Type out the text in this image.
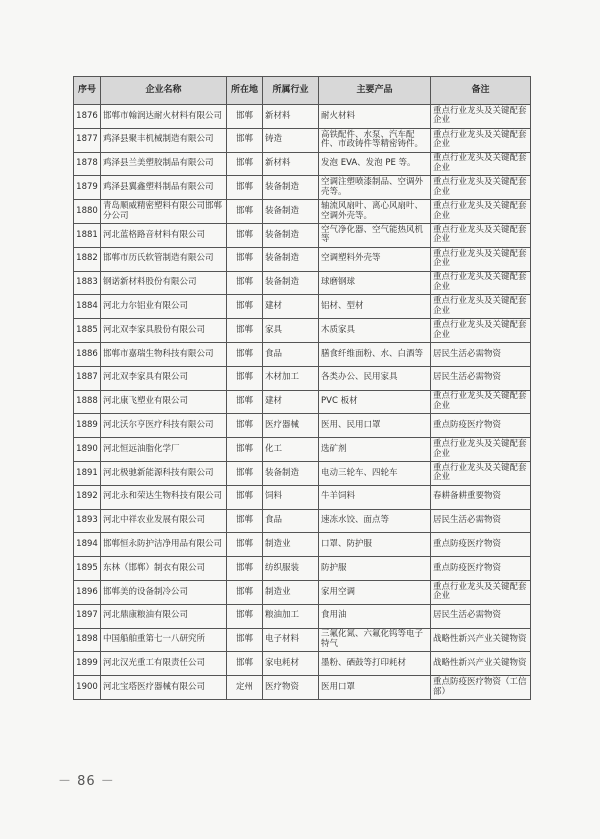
序号	企业名称	所在地	所属行业	主要产品	备注
1876	邯郸市翰润达耐火材料有限公司	邯郸	新材料	耐火材料	重点行业龙头及关键配套企业
1877	鸡泽县聚丰机械制造有限公司	邯郸	铸造	高铁配件、水泵、汽车配件、市政铸件等精密铸件。	重点行业龙头及关键配套企业
1878	鸡泽县兰美塑胶制品有限公司	邯郸	新材料	发泡 EVA、发泡 PE 等。	重点行业龙头及关键配套企业
1879	鸡泽县翼鑫塑料制品有限公司	邯郸	装备制造	空调注塑喷漆制品、空调外壳等。	重点行业龙头及关键配套企业
1880	青岛顺威精密塑料有限公司邯郸分公司	邯郸	装备制造	轴流风扇叶、离心风扇叶、空调外壳等。	重点行业龙头及关键配套企业
1881	河北蓝格路音材料有限公司	邯郸	装备制造	空气净化器、空气能热风机等	重点行业龙头及关键配套企业
1882	邯郸市历氏软管制造有限公司	邯郸	装备制造	空调塑料外壳等	重点行业龙头及关键配套企业
1883	钢诺新材料股份有限公司	邯郸	装备制造	球磨钢球	重点行业龙头及关键配套企业
1884	河北力尔铝业有限公司	邯郸	建材	铝材、型材	重点行业龙头及关键配套企业
1885	河北双李家具股份有限公司	邯郸	家具	木质家具	重点行业龙头及关键配套企业
1886	邯郸市嘉瑞生物科技有限公司	邯郸	食品	膳食纤维面粉、水、白酒等	居民生活必需物资
1887	河北双李家具有限公司	邯郸	木材加工	各类办公、民用家具	居民生活必需物资
1888	河北康飞塑业有限公司	邯郸	建材	PVC 板材	重点行业龙头及关键配套企业
1889	河北沃尔亨医疗科技有限公司	邯郸	医疗器械	医用、民用口罩	重点防疫医疗物资
1890	河北恒远油脂化学厂	邯郸	化工	选矿剂	重点行业龙头及关键配套企业
1891	河北极驰新能源科技有限公司	邯郸	装备制造	电动三轮车、四轮车	重点行业龙头及关键配套企业
1892	河北永和荣达生物科技有限公司	邯郸	饲料	牛羊饲料	春耕备耕重要物资
1893	河北中祥农业发展有限公司	邯郸	食品	速冻水饺、面点等	居民生活必需物资
1894	邯郸恒永防护洁净用品有限公司	邯郸	制造业	口罩、防护服	重点防疫医疗物资
1895	东林（邯郸）制衣有限公司	邯郸	纺织服装	防护服	重点防疫医疗物资
1896	邯郸美的设备制冷公司	邯郸	制造业	家用空调	重点行业龙头及关键配套企业
1897	河北鼎康粮油有限公司	邯郸	粮油加工	食用油	居民生活必需物资
1898	中国船舶重第七一八研究所	邯郸	电子材料	三氟化氮、六氟化钨等电子特气	战略性新兴产业关键物资
1899	河北汉光重工有限责任公司	邯郸	家电耗材	墨粉、硒鼓等打印耗材	战略性新兴产业关键物资
1900	河北宝塔医疗器械有限公司	定州	医疗物资	医用口罩	重点防疫医疗物资（工信部）
－ 86 －
